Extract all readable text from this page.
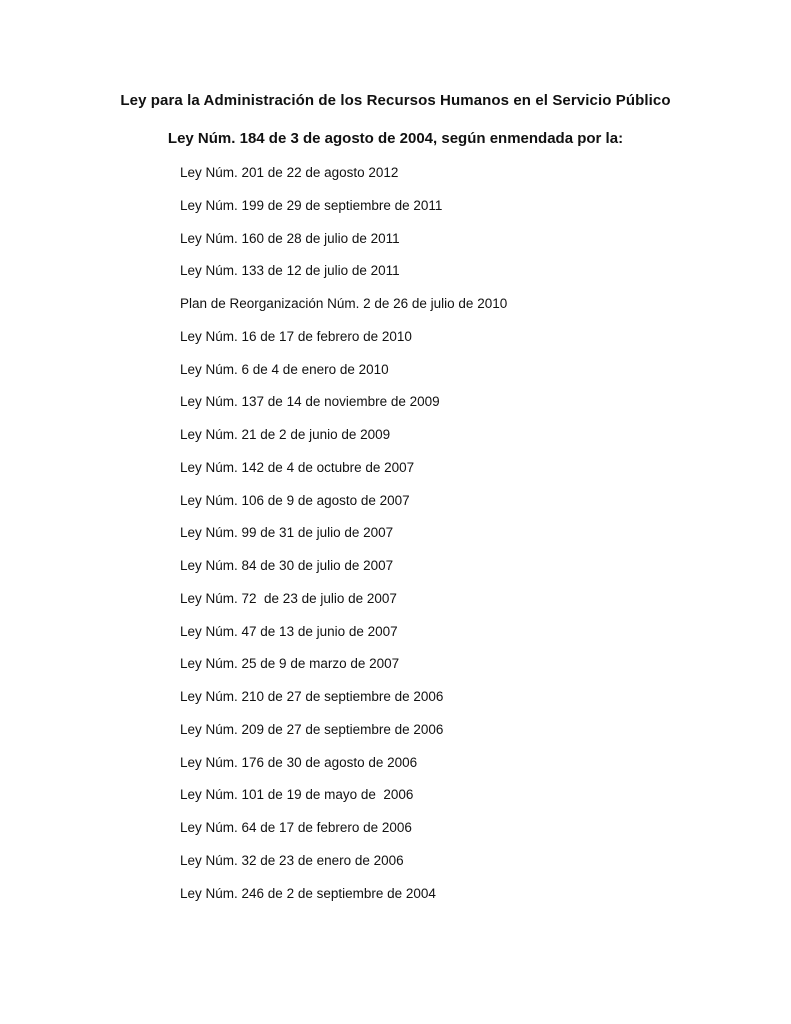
Ley para la Administración de los Recursos Humanos en el Servicio Público
Ley Núm. 184 de 3 de agosto de 2004, según enmendada por la:
Ley Núm. 201 de 22 de agosto 2012
Ley Núm. 199 de 29 de septiembre de 2011
Ley Núm. 160 de 28 de julio de 2011
Ley Núm. 133 de 12 de julio de 2011
Plan de Reorganización Núm. 2 de 26 de julio de 2010
Ley Núm. 16 de 17 de febrero de 2010
Ley Núm. 6 de 4 de enero de 2010
Ley Núm. 137 de 14 de noviembre de 2009
Ley Núm. 21 de 2 de junio de 2009
Ley Núm. 142 de 4 de octubre de 2007
Ley Núm. 106 de 9 de agosto de 2007
Ley Núm. 99 de 31 de julio de 2007
Ley Núm. 84 de 30 de julio de 2007
Ley Núm. 72  de 23 de julio de 2007
Ley Núm. 47 de 13 de junio de 2007
Ley Núm. 25 de 9 de marzo de 2007
Ley Núm. 210 de 27 de septiembre de 2006
Ley Núm. 209 de 27 de septiembre de 2006
Ley Núm. 176 de 30 de agosto de 2006
Ley Núm. 101 de 19 de mayo de  2006
Ley Núm. 64 de 17 de febrero de 2006
Ley Núm. 32 de 23 de enero de 2006
Ley Núm. 246 de 2 de septiembre de 2004
